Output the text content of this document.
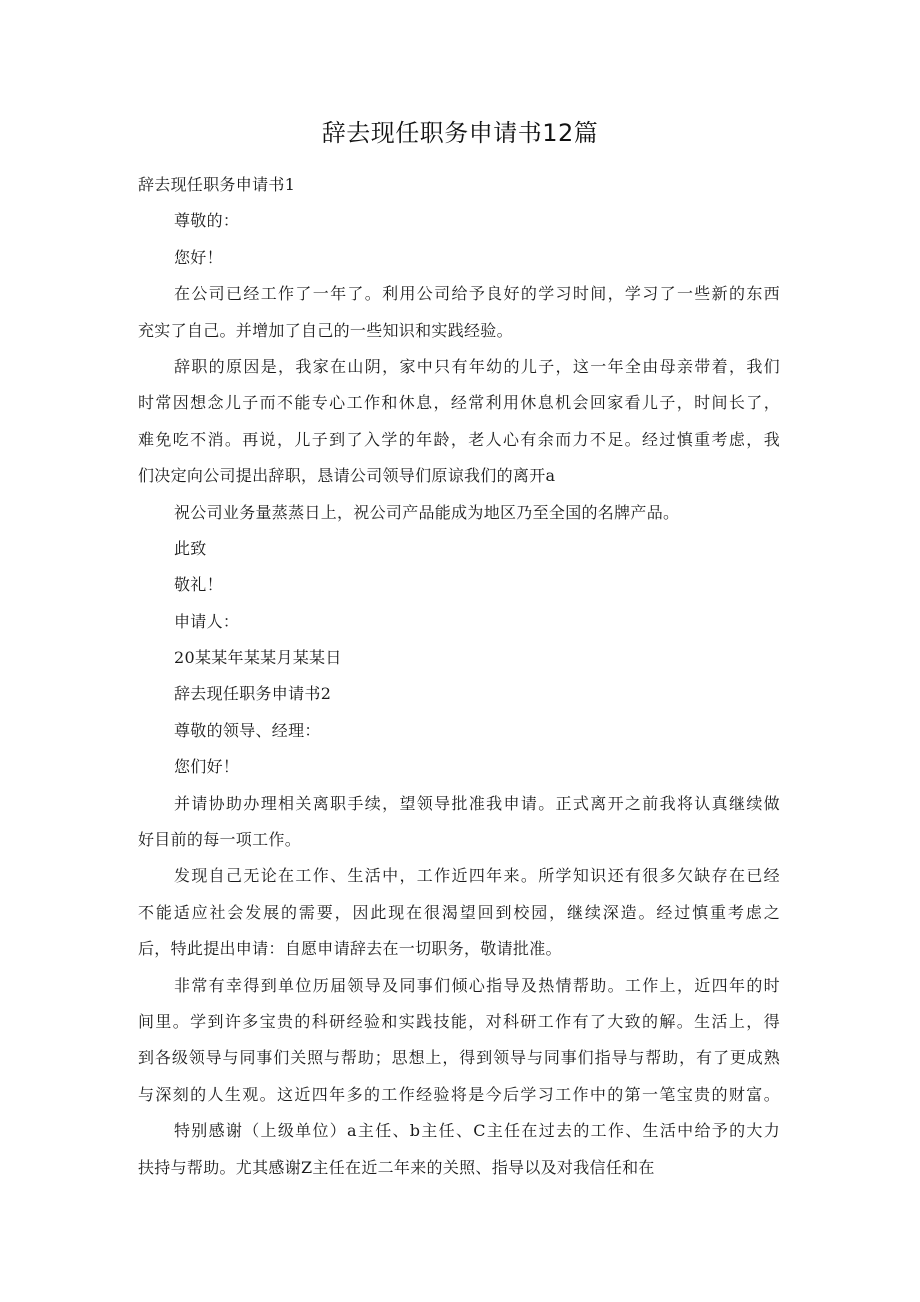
辞去现任职务申请书12篇
辞去现任职务申请书1
尊敬的：
您好！
在公司已经工作了一年了。利用公司给予良好的学习时间，学习了一些新的东西
充实了自己。并增加了自己的一些知识和实践经验。
辞职的原因是，我家在山阴，家中只有年幼的儿子，这一年全由母亲带着，我们
时常因想念儿子而不能专心工作和休息，经常利用休息机会回家看儿子，时间长了，
难免吃不消。再说，儿子到了入学的年龄，老人心有余而力不足。经过慎重考虑，我
们决定向公司提出辞职，恳请公司领导们原谅我们的离开a
祝公司业务量蒸蒸日上，祝公司产品能成为地区乃至全国的名牌产品。
此致
敬礼！
申请人：
20某某年某某月某某日
辞去现任职务申请书2
尊敬的领导、经理：
您们好！
并请协助办理相关离职手续，望领导批准我申请。正式离开之前我将认真继续做
好目前的每一项工作。
发现自己无论在工作、生活中，工作近四年来。所学知识还有很多欠缺存在已经
不能适应社会发展的需要，因此现在很渴望回到校园，继续深造。经过慎重考虑之
后，特此提出申请：自愿申请辞去在一切职务，敬请批准。
非常有幸得到单位历届领导及同事们倾心指导及热情帮助。工作上，近四年的时
间里。学到许多宝贵的科研经验和实践技能，对科研工作有了大致的解。生活上，得
到各级领导与同事们关照与帮助；思想上，得到领导与同事们指导与帮助，有了更成熟
与深刻的人生观。这近四年多的工作经验将是今后学习工作中的第一笔宝贵的财富。
特别感谢（上级单位）a主任、b主任、C主任在过去的工作、生活中给予的大力
扶持与帮助。尤其感谢Z主任在近二年来的关照、指导以及对我信任和在
